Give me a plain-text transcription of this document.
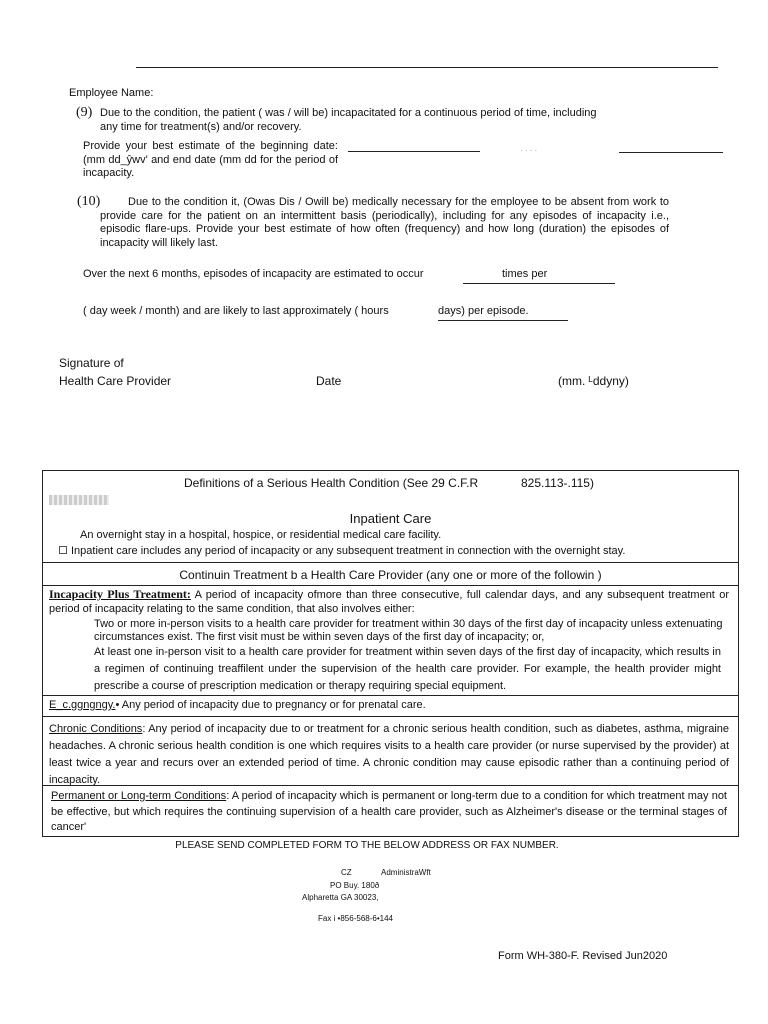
Employee Name:
(9) Due to the condition, the patient ( was / will be) incapacitated for a continuous period of time, including
any time for treatment(s) and/or recovery.
Provide your best estimate of the beginning date: (mm dd_ŷwv' and end date (mm dd for the period of incapacity.
· · · ·
(10)	Due to the condition it, (Owas Dis / Owill be) medically necessary for the employee to be absent from work to provide care for the patient on an intermittent basis (periodically), including for any episodes of incapacity i.e., episodic flare-ups. Provide your best estimate of how often (frequency) and how long (duration) the episodes of incapacity will likely last.
Over the next 6 months, episodes of incapacity are estimated to occur	times per
( day week / month) and are likely to last approximately ( hours	days) per episode.
Signature of
Health Care Provider	Date	(mm. ᴸddyny)
Definitions of a Serious Health Condition (See 29 C.F.R	825.113-.115)
Inpatient Care
An overnight stay in a hospital, hospice, or residential medical care facility.
Inpatient care includes any period of incapacity or any subsequent treatment in connection with the overnight stay.
Continuin Treatment b a Health Care Provider (any one or more of the followin )
Incapacity Plus Treatment: A period of incapacity ofmore than three consecutive, full calendar days, and any subsequent treatment or period of incapacity relating to the same condition, that also involves either:
Two or more in-person visits to a health care provider for treatment within 30 days of the first day of incapacity unless extenuating circumstances exist. The first visit must be within seven days of the first day of incapacity; or,
At least one in-person visit to a health care provider for treatment within seven days of the first day of incapacity, which results in a regimen of continuing treaffilent under the supervision of the health care provider. For example, the health provider might prescribe a course of prescription medication or therapy requiring special equipment.
E_c.ggngngy.• Any period of incapacity due to pregnancy or for prenatal care.
Chronic Conditions: Any period of incapacity due to or treatment for a chronic serious health condition, such as diabetes, asthma, migraine headaches. A chronic serious health condition is one which requires visits to a health care provider (or nurse supervised by the provider) at least twice a year and recurs over an extended period of time. A chronic condition may cause episodic rather than a continuing period of incapacity.
Permanent or Long-term Conditions: A period of incapacity which is permanent or long-term due to a condition for which treatment may not be effective, but which requires the continuing supervision of a health care provider, such as Alzheimer's disease or the terminal stages of cancer'
PLEASE SEND COMPLETED FORM TO THE BELOW ADDRESS OR FAX NUMBER.
CZ	AdministraWft
PO Buy. 180ð
Alpharetta GA 30023,
Fax i •856-568-6•144
Form WH-380-F. Revised Jun2020
